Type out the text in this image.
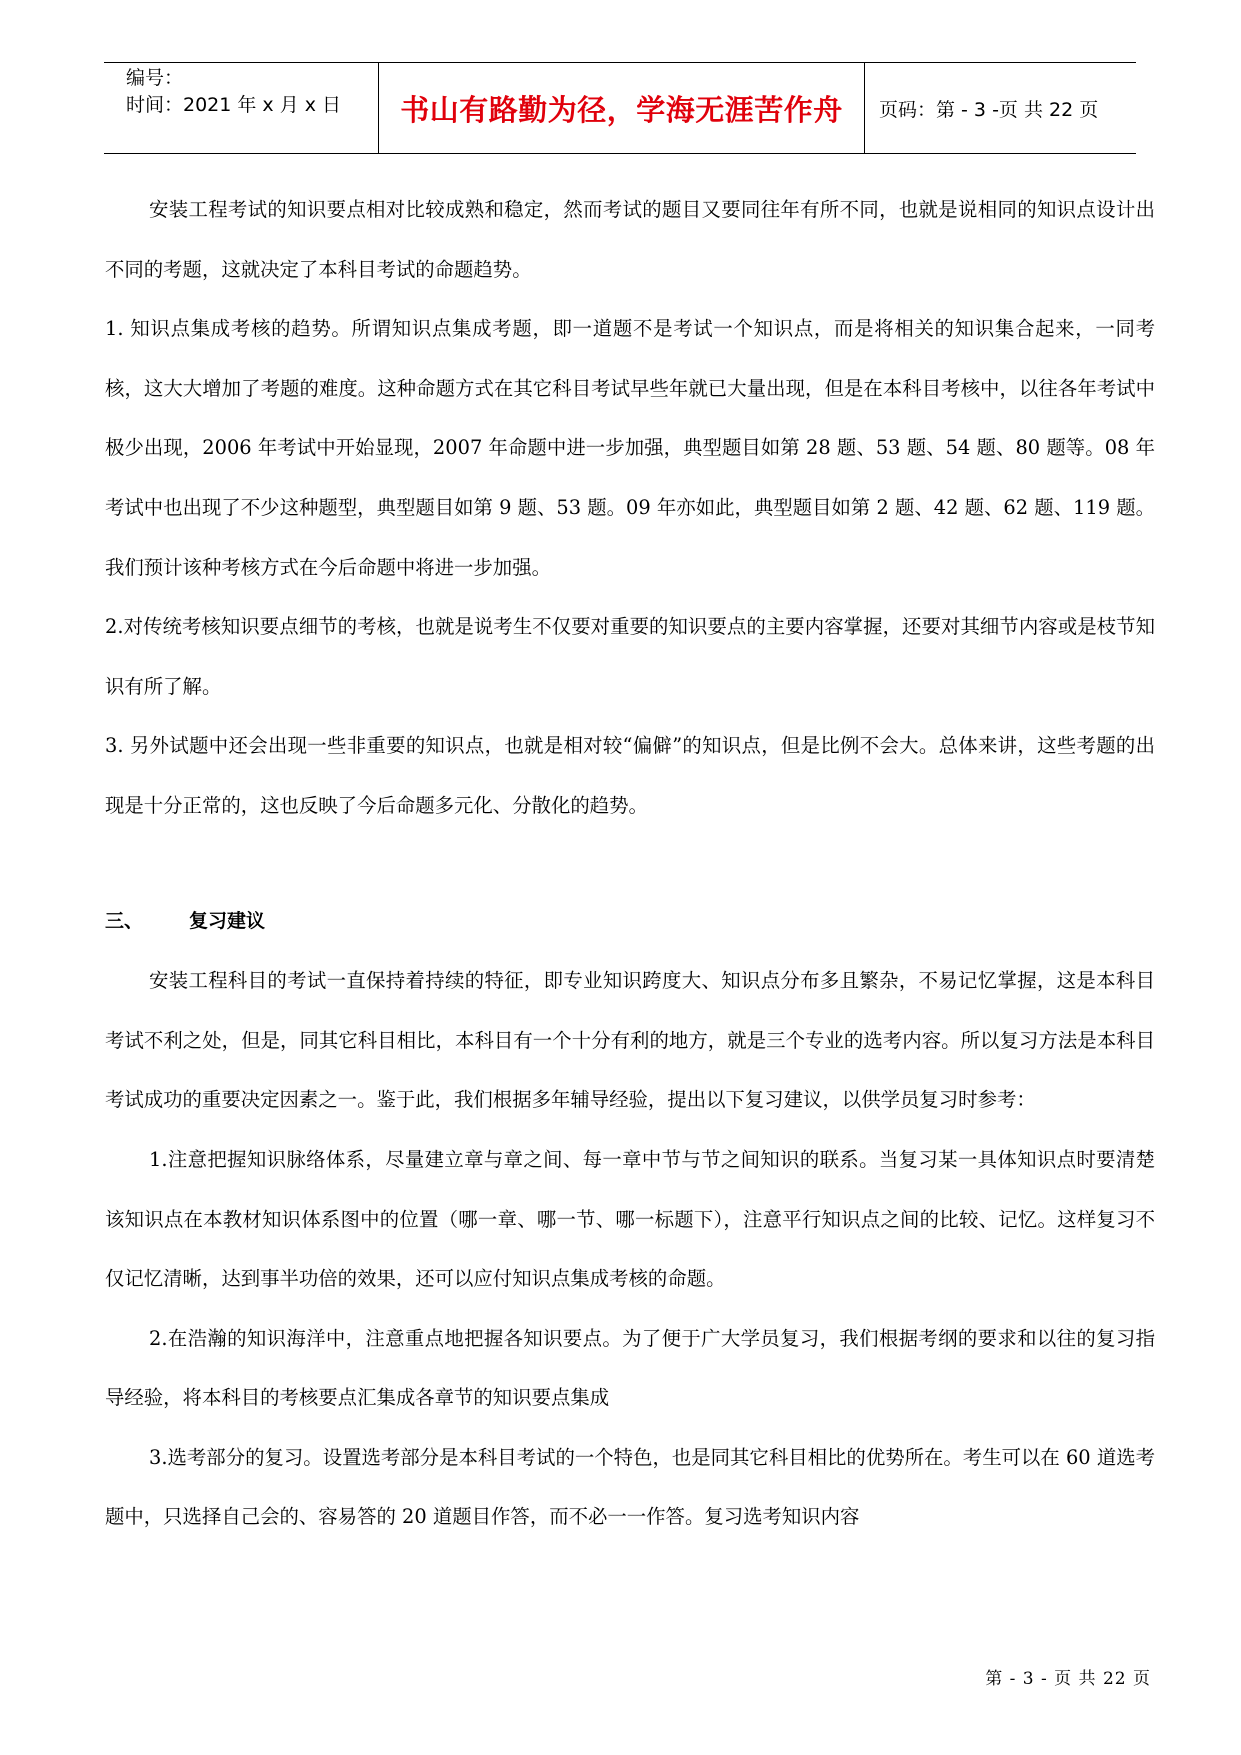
编号：
时间：2021 年 x 月 x 日	书山有路勤为径，学海无涯苦作舟	页码：第 - 3 -页 共 22 页

安装工程考试的知识要点相对比较成熟和稳定，然而考试的题目又要同往年有所不同，也就是说相同的知识点设计出不同的考题，这就决定了本科目考试的命题趋势。

1. 知识点集成考核的趋势。所谓知识点集成考题，即一道题不是考试一个知识点，而是将相关的知识集合起来，一同考核，这大大增加了考题的难度。这种命题方式在其它科目考试早些年就已大量出现，但是在本科目考核中，以往各年考试中极少出现，2006 年考试中开始显现，2007 年命题中进一步加强，典型题目如第 28 题、53 题、54 题、80 题等。08 年考试中也出现了不少这种题型，典型题目如第 9 题、53 题。09 年亦如此，典型题目如第 2 题、42 题、62 题、119 题。我们预计该种考核方式在今后命题中将进一步加强。

2.对传统考核知识要点细节的考核，也就是说考生不仅要对重要的知识要点的主要内容掌握，还要对其细节内容或是枝节知识有所了解。

3. 另外试题中还会出现一些非重要的知识点，也就是相对较“偏僻”的知识点，但是比例不会大。总体来讲，这些考题的出现是十分正常的，这也反映了今后命题多元化、分散化的趋势。

三、 复习建议

安装工程科目的考试一直保持着持续的特征，即专业知识跨度大、知识点分布多且繁杂，不易记忆掌握，这是本科目考试不利之处，但是，同其它科目相比，本科目有一个十分有利的地方，就是三个专业的选考内容。所以复习方法是本科目考试成功的重要决定因素之一。鉴于此，我们根据多年辅导经验，提出以下复习建议，以供学员复习时参考：

1.注意把握知识脉络体系，尽量建立章与章之间、每一章中节与节之间知识的联系。当复习某一具体知识点时要清楚该知识点在本教材知识体系图中的位置（哪一章、哪一节、哪一标题下），注意平行知识点之间的比较、记忆。这样复习不仅记忆清晰，达到事半功倍的效果，还可以应付知识点集成考核的命题。

2.在浩瀚的知识海洋中，注意重点地把握各知识要点。为了便于广大学员复习，我们根据考纲的要求和以往的复习指导经验，将本科目的考核要点汇集成各章节的知识要点集成

3.选考部分的复习。设置选考部分是本科目考试的一个特色，也是同其它科目相比的优势所在。考生可以在 60 道选考题中，只选择自己会的、容易答的 20 道题目作答，而不必一一作答。复习选考知识内容

第 - 3 - 页 共 22 页
